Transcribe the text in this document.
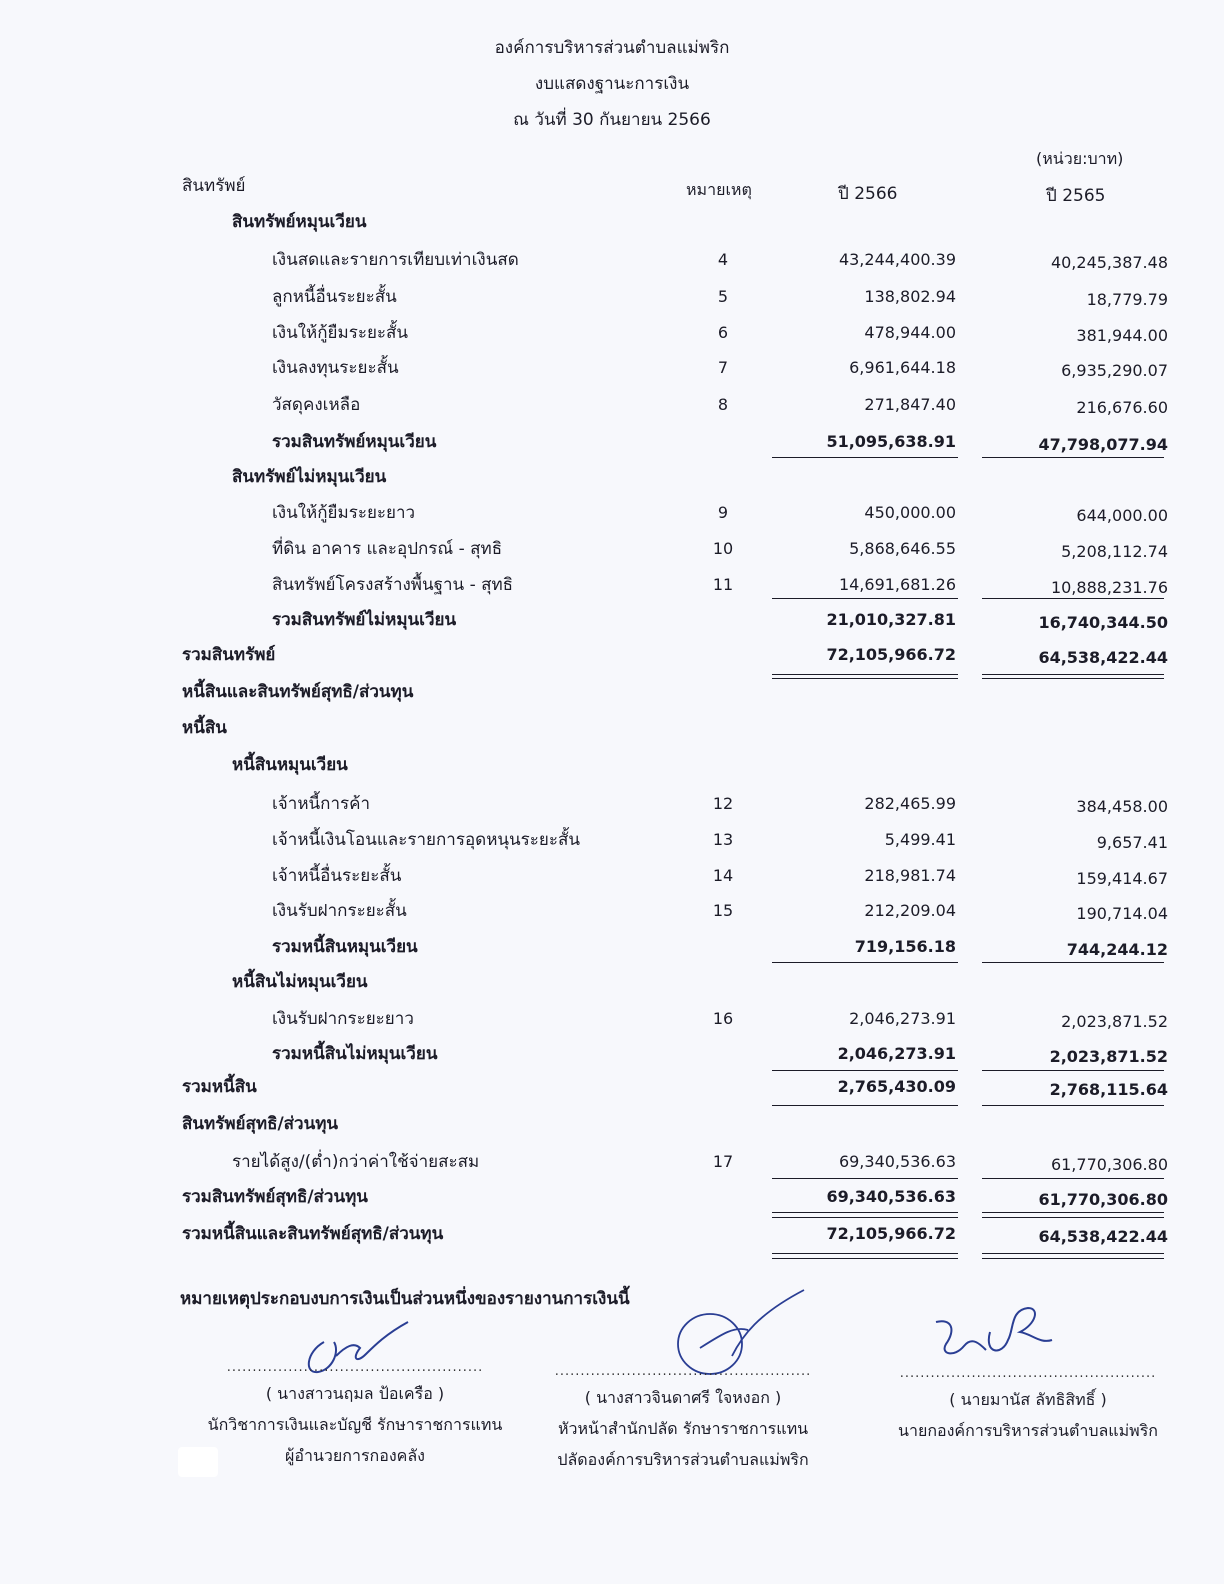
องค์การบริหารส่วนตำบลแม่พริก
งบแสดงฐานะการเงิน
ณ วันที่ 30 กันยายน 2566
(หน่วย:บาท)
สินทรัพย์	หมายเหตุ	ปี 2566	ปี 2565
สินทรัพย์หมุนเวียน
เงินสดและรายการเทียบเท่าเงินสด	4	43,244,400.39	40,245,387.48
ลูกหนี้อื่นระยะสั้น	5	138,802.94	18,779.79
เงินให้กู้ยืมระยะสั้น	6	478,944.00	381,944.00
เงินลงทุนระยะสั้น	7	6,961,644.18	6,935,290.07
วัสดุคงเหลือ	8	271,847.40	216,676.60
รวมสินทรัพย์หมุนเวียน	51,095,638.91	47,798,077.94
สินทรัพย์ไม่หมุนเวียน
เงินให้กู้ยืมระยะยาว	9	450,000.00	644,000.00
ที่ดิน อาคาร และอุปกรณ์ - สุทธิ	10	5,868,646.55	5,208,112.74
สินทรัพย์โครงสร้างพื้นฐาน - สุทธิ	11	14,691,681.26	10,888,231.76
รวมสินทรัพย์ไม่หมุนเวียน	21,010,327.81	16,740,344.50
รวมสินทรัพย์	72,105,966.72	64,538,422.44
หนี้สินและสินทรัพย์สุทธิ/ส่วนทุน
หนี้สิน
หนี้สินหมุนเวียน
เจ้าหนี้การค้า	12	282,465.99	384,458.00
เจ้าหนี้เงินโอนและรายการอุดหนุนระยะสั้น	13	5,499.41	9,657.41
เจ้าหนี้อื่นระยะสั้น	14	218,981.74	159,414.67
เงินรับฝากระยะสั้น	15	212,209.04	190,714.04
รวมหนี้สินหมุนเวียน	719,156.18	744,244.12
หนี้สินไม่หมุนเวียน
เงินรับฝากระยะยาว	16	2,046,273.91	2,023,871.52
รวมหนี้สินไม่หมุนเวียน	2,046,273.91	2,023,871.52
รวมหนี้สิน	2,765,430.09	2,768,115.64
สินทรัพย์สุทธิ/ส่วนทุน
รายได้สูง/(ต่ำ)กว่าค่าใช้จ่ายสะสม	17	69,340,536.63	61,770,306.80
รวมสินทรัพย์สุทธิ/ส่วนทุน	69,340,536.63	61,770,306.80
รวมหนี้สินและสินทรัพย์สุทธิ/ส่วนทุน	72,105,966.72	64,538,422.44
หมายเหตุประกอบงบการเงินเป็นส่วนหนึ่งของรายงานการเงินนี้
..................................................
( นางสาวนฤมล ป้อเครือ )
นักวิชาการเงินและบัญชี รักษาราชการแทน
ผู้อำนวยการกองคลัง
..................................................
( นางสาวจินดาศรี ใจหงอก )
หัวหน้าสำนักปลัด รักษาราชการแทน
ปลัดองค์การบริหารส่วนตำบลแม่พริก
..................................................
( นายมานัส ลัทธิสิทธิ์ )
นายกองค์การบริหารส่วนตำบลแม่พริก
